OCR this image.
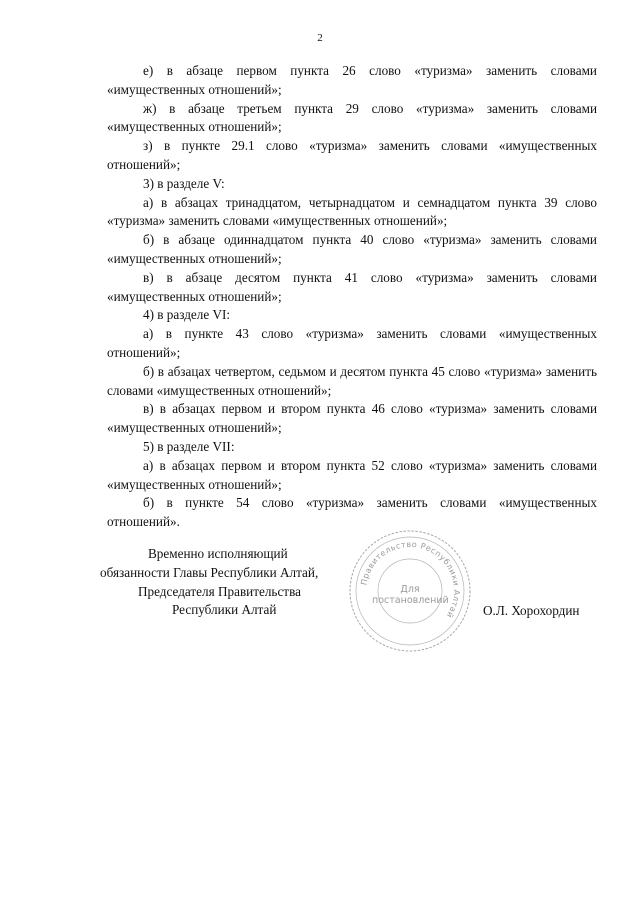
2

е) в абзаце первом пункта 26 слово «туризма» заменить словами «имущественных отношений»;

ж) в абзаце третьем пункта 29 слово «туризма» заменить словами «имущественных отношений»;

з) в пункте 29.1 слово «туризма» заменить словами «имущественных отношений»;

3) в разделе V:

а) в абзацах тринадцатом, четырнадцатом и семнадцатом пункта 39 слово «туризма» заменить словами «имущественных отношений»;

б) в абзаце одиннадцатом пункта 40 слово «туризма» заменить словами «имущественных отношений»;

в) в абзаце десятом пункта 41 слово «туризма» заменить словами «имущественных отношений»;

4) в разделе VI:

а) в пункте 43 слово «туризма» заменить словами «имущественных отношений»;

б) в абзацах четвертом, седьмом и десятом пункта 45 слово «туризма» заменить словами «имущественных отношений»;

в) в абзацах первом и втором пункта 46 слово «туризма» заменить словами «имущественных отношений»;

5) в разделе VII:

а) в абзацах первом и втором пункта 52 слово «туризма» заменить словами «имущественных отношений»;

б) в пункте 54 слово «туризма» заменить словами «имущественных отношений».

Временно исполняющий
обязанности Главы Республики Алтай,
Председателя Правительства
Республики Алтай
Правительство Республики Алтай
Для
постановлений
О.Л. Хорохордин
